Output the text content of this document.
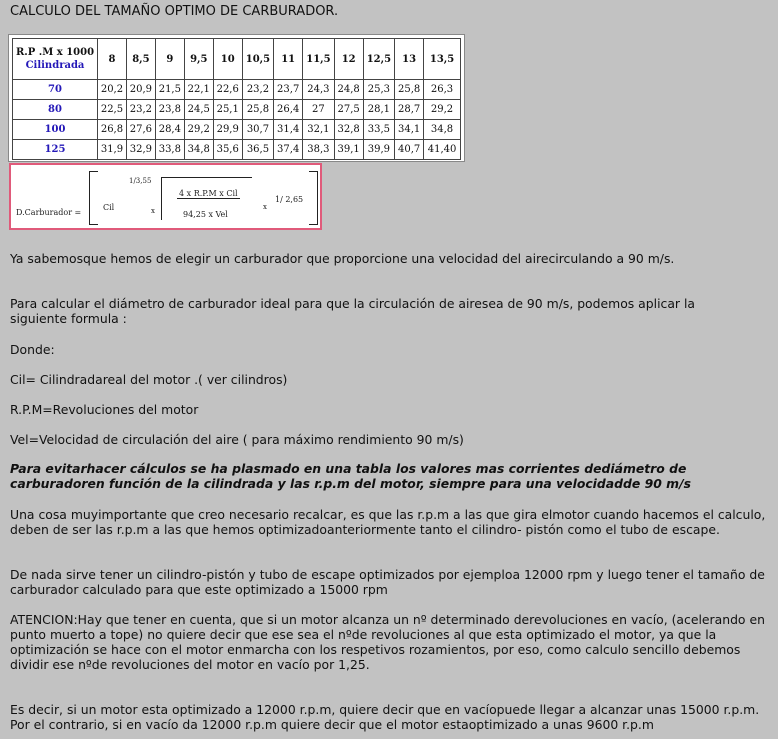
CALCULO DEL TAMAÑO OPTIMO DE CARBURADOR.
R.P .M x 1000
Cilindrada	8	8,5	9	9,5	10	10,5	11	11,5	12	12,5	13	13,5
70	20,2	20,9	21,5	22,1	22,6	23,2	23,7	24,3	24,8	25,3	25,8	26,3
80	22,5	23,2	23,8	24,5	25,1	25,8	26,4	27	27,5	28,1	28,7	29,2
100	26,8	27,6	28,4	29,2	29,9	30,7	31,4	32,1	32,8	33,5	34,1	34,8
125	31,9	32,9	33,8	34,8	35,6	36,5	37,4	38,3	39,1	39,9	40,7	41,40
D.Carburador =
Cil
1/3,55
x
4 x R.P.M x Cil
94,25 x Vel
x
1/ 2,65

Ya sabemosque hemos de elegir un carburador que proporcione una velocidad del airecirculando a 90 m/s.

Para calcular el diámetro de carburador ideal para que la circulación de airesea de 90 m/s, podemos aplicar la siguiente formula :

Donde:

Cil= Cilindradareal del motor .( ver cilindros)

R.P.M=Revoluciones del motor

Vel=Velocidad de circulación del aire ( para máximo rendimiento 90 m/s)

Para evitarhacer cálculos se ha plasmado en una tabla los valores mas corrientes dediámetro de carburadoren función de la cilindrada y las r.p.m del motor, siempre para una velocidadde 90 m/s

Una cosa muyimportante que creo necesario recalcar, es que las r.p.m a las que gira elmotor cuando hacemos el calculo, deben de ser las r.p.m a las que hemos optimizadoanteriormente tanto el cilindro- pistón como el tubo de escape.

De nada sirve tener un cilindro-pistón y tubo de escape optimizados por ejemploa 12000 rpm y luego tener el tamaño de carburador calculado para que este optimizado a 15000 rpm

ATENCION:Hay que tener en cuenta, que si un motor alcanza un nº determinado derevoluciones en vacío, (acelerando en punto muerto a tope) no quiere decir que ese sea el nºde revoluciones al que esta optimizado el motor, ya que la optimización se hace con el motor enmarcha con los respetivos rozamientos, por eso, como calculo sencillo debemos dividir ese nºde revoluciones del motor en vacío por 1,25.

Es decir, si un motor esta optimizado a 12000 r.p.m, quiere decir que en vacíopuede llegar a alcanzar unas 15000 r.p.m. Por el contrario, si en vacío da 12000 r.p.m quiere decir que el motor estaoptimizado a unas 9600 r.p.m
